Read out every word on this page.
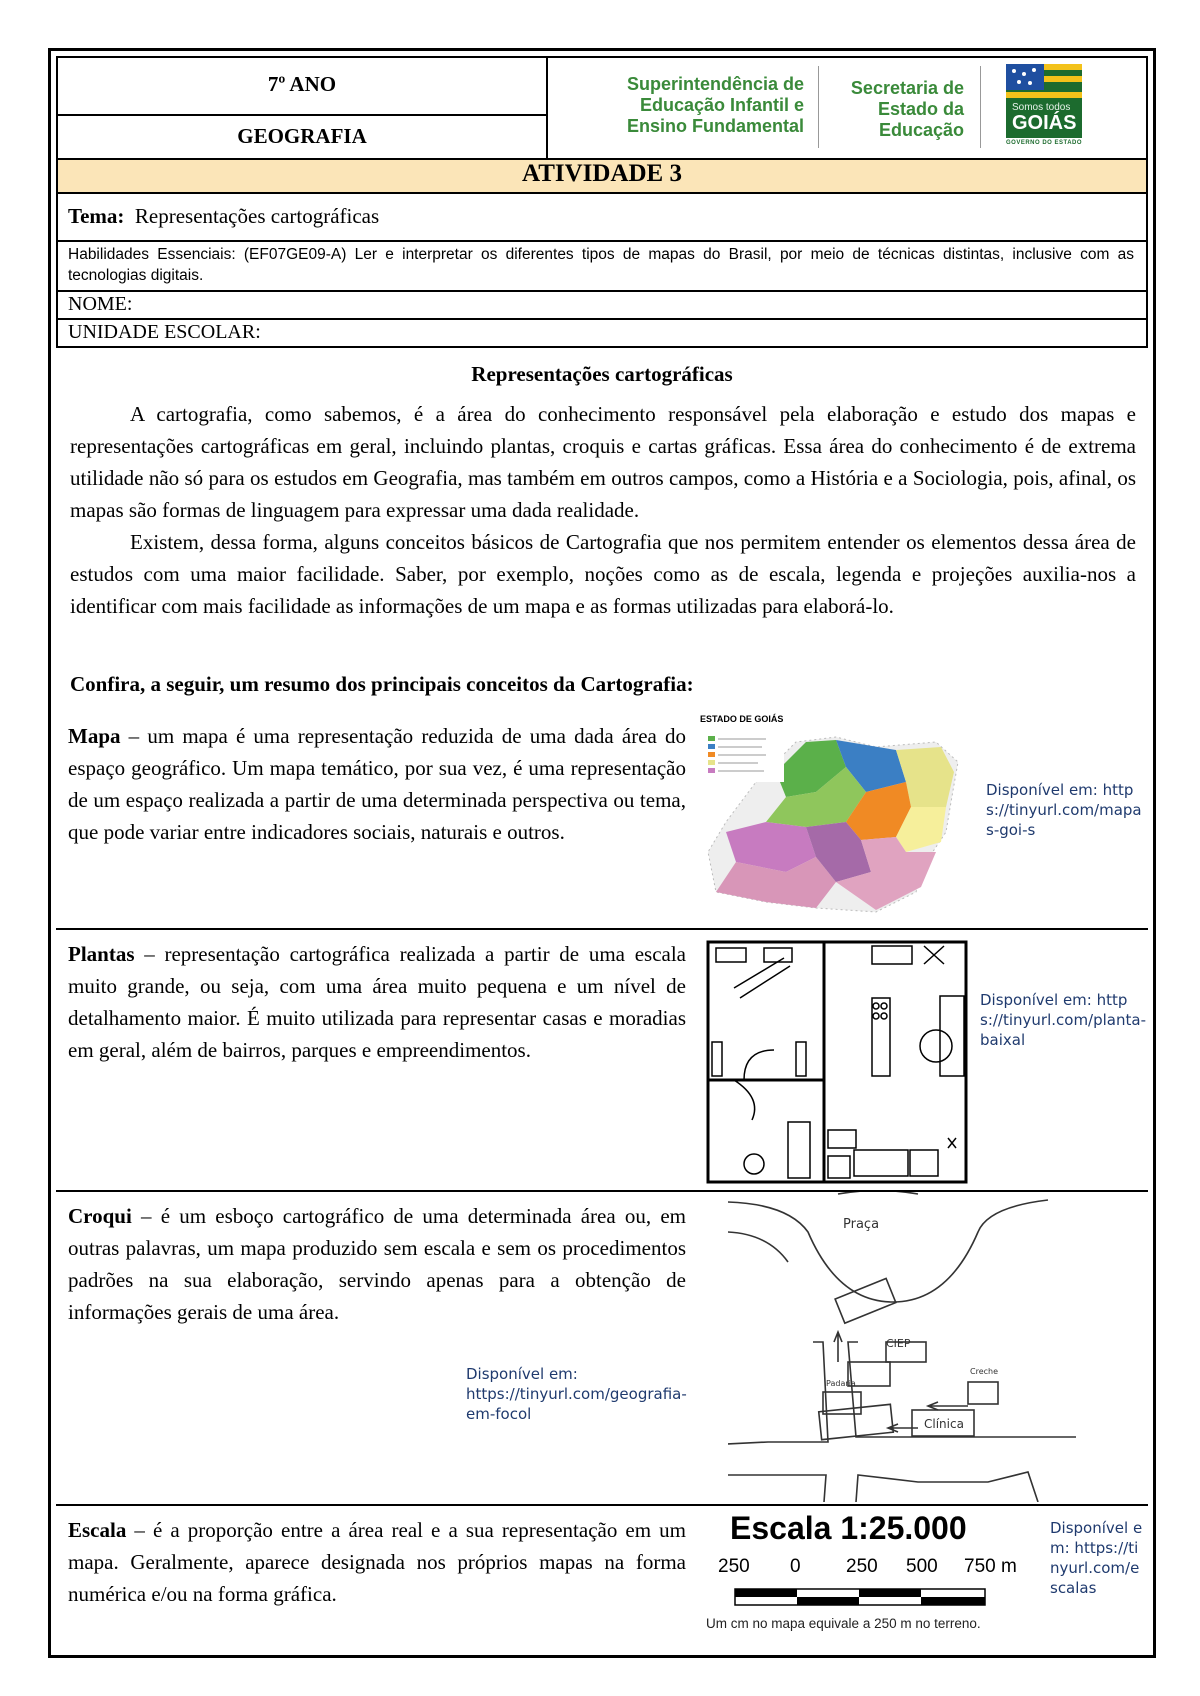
7º ANO
GEOGRAFIA
Superintendência de
Educação Infantil e
Ensino Fundamental
Secretaria de
Estado da
Educação
Somos todos
GOIÁS
GOVERNO DO ESTADO
ATIVIDADE 3
Tema: Representações cartográficas
Habilidades Essenciais: (EF07GE09-A) Ler e interpretar os diferentes tipos de mapas do Brasil, por meio de técnicas distintas, inclusive com as tecnologias digitais.
NOME:
UNIDADE ESCOLAR:
Representações cartográficas

A cartografia, como sabemos, é a área do conhecimento responsável pela elaboração e estudo dos mapas e representações cartográficas em geral, incluindo plantas, croquis e cartas gráficas. Essa área do conhecimento é de extrema utilidade não só para os estudos em Geografia, mas também em outros campos, como a História e a Sociologia, pois, afinal, os mapas são formas de linguagem para expressar uma dada realidade.

Existem, dessa forma, alguns conceitos básicos de Cartografia que nos permitem entender os elementos dessa área de estudos com uma maior facilidade. Saber, por exemplo, noções como as de escala, legenda e projeções auxilia-nos a identificar com mais facilidade as informações de um mapa e as formas utilizadas para elaborá-lo.

Confira, a seguir, um resumo dos principais conceitos da Cartografia:
Mapa – um mapa é uma representação reduzida de uma dada área do espaço geográfico. Um mapa temático, por sua vez, é uma representação de um espaço realizada a partir de uma determinada perspectiva ou tema, que pode variar entre indicadores sociais, naturais e outros.
ESTADO DE GOIÁS
Disponível em: https://tinyurl.com/mapas-goi-s
Plantas – representação cartográfica realizada a partir de uma escala muito grande, ou seja, com uma área muito pequena e um nível de detalhamento maior. É muito utilizada para representar casas e moradias em geral, além de bairros, parques e empreendimentos.
Disponível em: https://tinyurl.com/planta-baixal
Croqui – é um esboço cartográfico de uma determinada área ou, em outras palavras, um mapa produzido sem escala e sem os procedimentos padrões na sua elaboração, servindo apenas para a obtenção de informações gerais de uma área.
Disponível em: https://tinyurl.com/geografia-em-focol
Praça
CIEP
Padaria
Creche
Clínica
Escala – é a proporção entre a área real e a sua representação em um mapa. Geralmente, aparece designada nos próprios mapas na forma numérica e/ou na forma gráfica.
Escala 1:25.000
250 0 250 500 750 m
Um cm no mapa equivale a 250 m no terreno.
Disponível em: https://tinyurl.com/escalas
